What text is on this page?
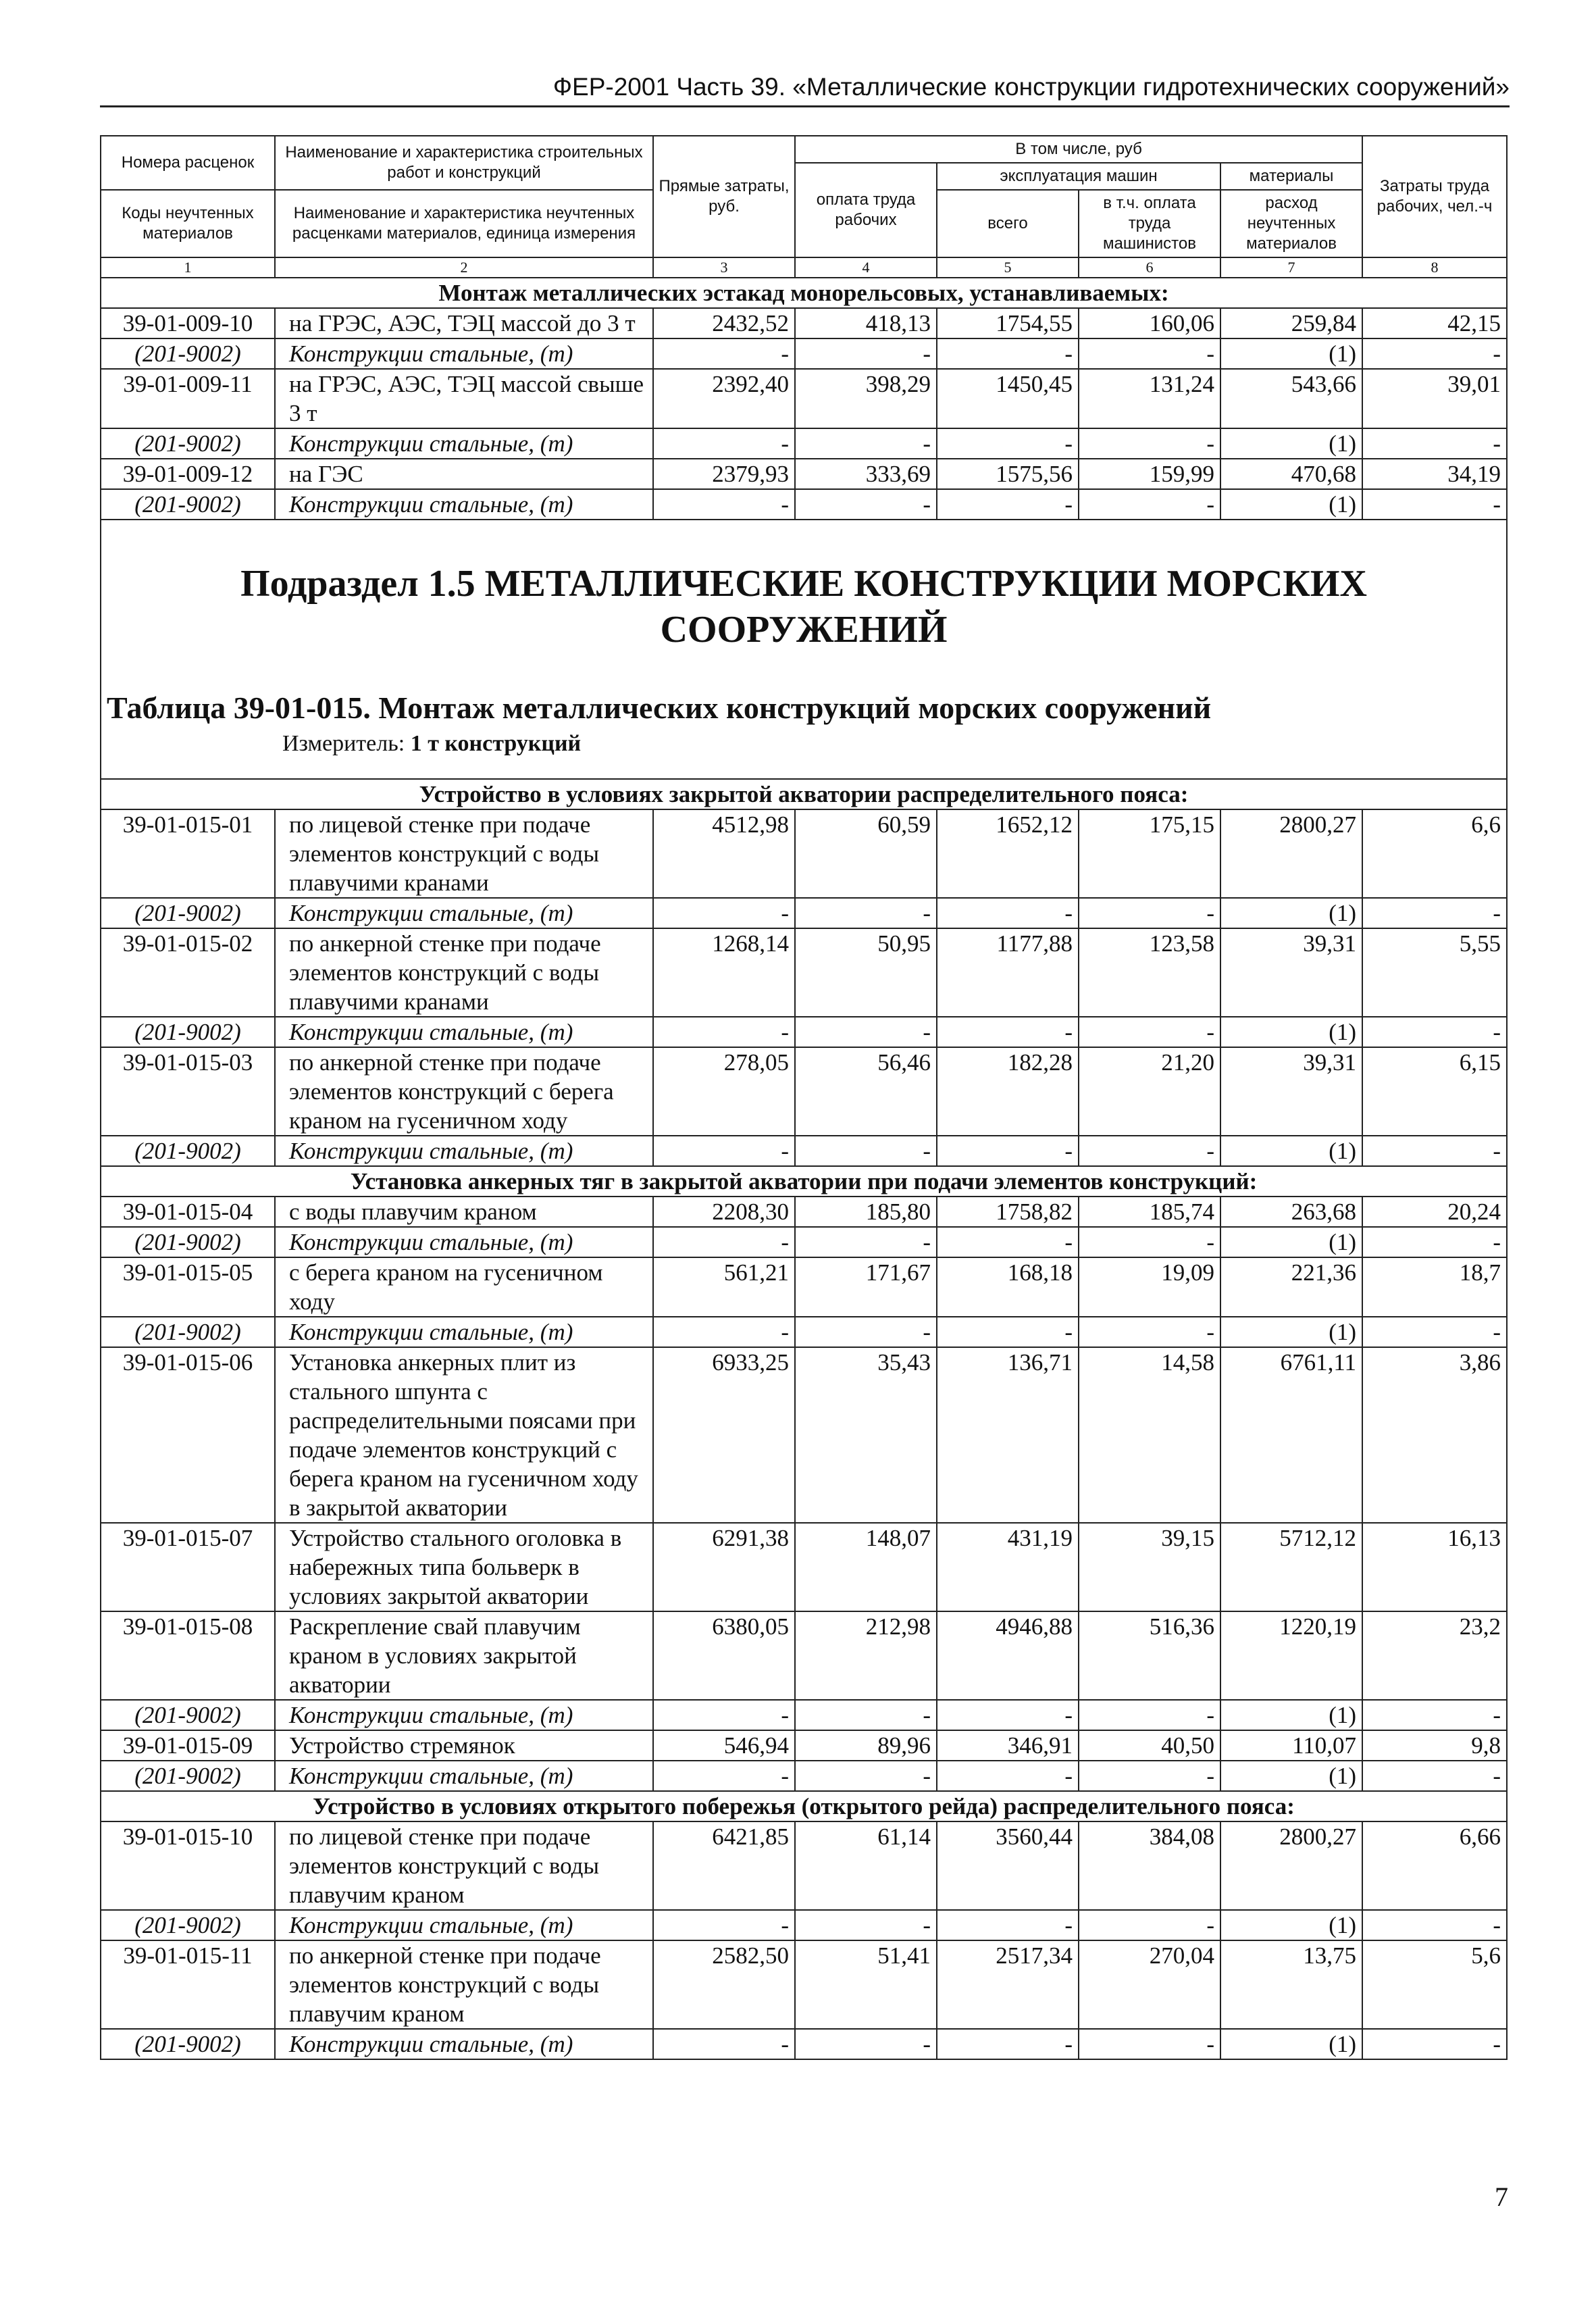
ФЕР-2001 Часть 39. «Металлические конструкции гидротехнических сооружений»
Номера расценок	Наименование и характеристика строительных работ и конструкций	Прямые затраты, руб.	В том числе, руб				Затраты труда рабочих, чел.-ч
			оплата труда рабочих	эксплуатация машин		материалы	
Коды неучтенных материалов	Наименование и характеристика неучтенных расценками материалов, единица измерения			всего	в т.ч. оплата труда машинистов	расход неучтенных материалов	

1	2	3	4	5	6	7	8
Монтаж металлических эстакад монорельсовых, устанавливаемых:							
39-01-009-10	на ГРЭС, АЭС, ТЭЦ массой до 3 т	2432,52	418,13	1754,55	160,06	259,84	42,15
(201-9002)	Конструкции стальные, (т)	-	-	-	-	(1)	-
39-01-009-11	на ГРЭС, АЭС, ТЭЦ массой свыше 3 т	2392,40	398,29	1450,45	131,24	543,66	39,01
(201-9002)	Конструкции стальные, (т)	-	-	-	-	(1)	-
39-01-009-12	на ГЭС	2379,93	333,69	1575,56	159,99	470,68	34,19
(201-9002)	Конструкции стальные, (т)	-	-	-	-	(1)	-

Подраздел 1.5 МЕТАЛЛИЧЕСКИЕ КОНСТРУКЦИИ МОРСКИХ СООРУЖЕНИЙ
Таблица 39-01-015. Монтаж металлических конструкций морских сооружений
Измеритель: 1 т конструкций							

Устройство в условиях закрытой акватории распределительного пояса:							
39-01-015-01	по лицевой стенке при подаче элементов конструкций с воды плавучими кранами	4512,98	60,59	1652,12	175,15	2800,27	6,6
(201-9002)	Конструкции стальные, (т)	-	-	-	-	(1)	-
39-01-015-02	по анкерной стенке при подаче элементов конструкций с воды плавучими кранами	1268,14	50,95	1177,88	123,58	39,31	5,55
(201-9002)	Конструкции стальные, (т)	-	-	-	-	(1)	-
39-01-015-03	по анкерной стенке при подаче элементов конструкций с берега краном на гусеничном ходу	278,05	56,46	182,28	21,20	39,31	6,15
(201-9002)	Конструкции стальные, (т)	-	-	-	-	(1)	-
Установка анкерных тяг в закрытой акватории при подачи элементов конструкций:							
39-01-015-04	с воды плавучим краном	2208,30	185,80	1758,82	185,74	263,68	20,24
(201-9002)	Конструкции стальные, (т)	-	-	-	-	(1)	-
39-01-015-05	с берега краном на гусеничном ходу	561,21	171,67	168,18	19,09	221,36	18,7
(201-9002)	Конструкции стальные, (т)	-	-	-	-	(1)	-
39-01-015-06	Установка анкерных плит из стального шпунта с распределительными поясами при подаче элементов конструкций с берега краном на гусеничном ходу в закрытой акватории	6933,25	35,43	136,71	14,58	6761,11	3,86
39-01-015-07	Устройство стального оголовка в набережных типа больверк в условиях закрытой акватории	6291,38	148,07	431,19	39,15	5712,12	16,13
39-01-015-08	Раскрепление свай плавучим краном в условиях закрытой акватории	6380,05	212,98	4946,88	516,36	1220,19	23,2
(201-9002)	Конструкции стальные, (т)	-	-	-	-	(1)	-
39-01-015-09	Устройство стремянок	546,94	89,96	346,91	40,50	110,07	9,8
(201-9002)	Конструкции стальные, (т)	-	-	-	-	(1)	-
Устройство в условиях открытого побережья (открытого рейда) распределительного пояса:							
39-01-015-10	по лицевой стенке при подаче элементов конструкций с воды плавучим краном	6421,85	61,14	3560,44	384,08	2800,27	6,66
(201-9002)	Конструкции стальные, (т)	-	-	-	-	(1)	-
39-01-015-11	по анкерной стенке при подаче элементов конструкций с воды плавучим краном	2582,50	51,41	2517,34	270,04	13,75	5,6
(201-9002)	Конструкции стальные, (т)	-	-	-	-	(1)	-
7
